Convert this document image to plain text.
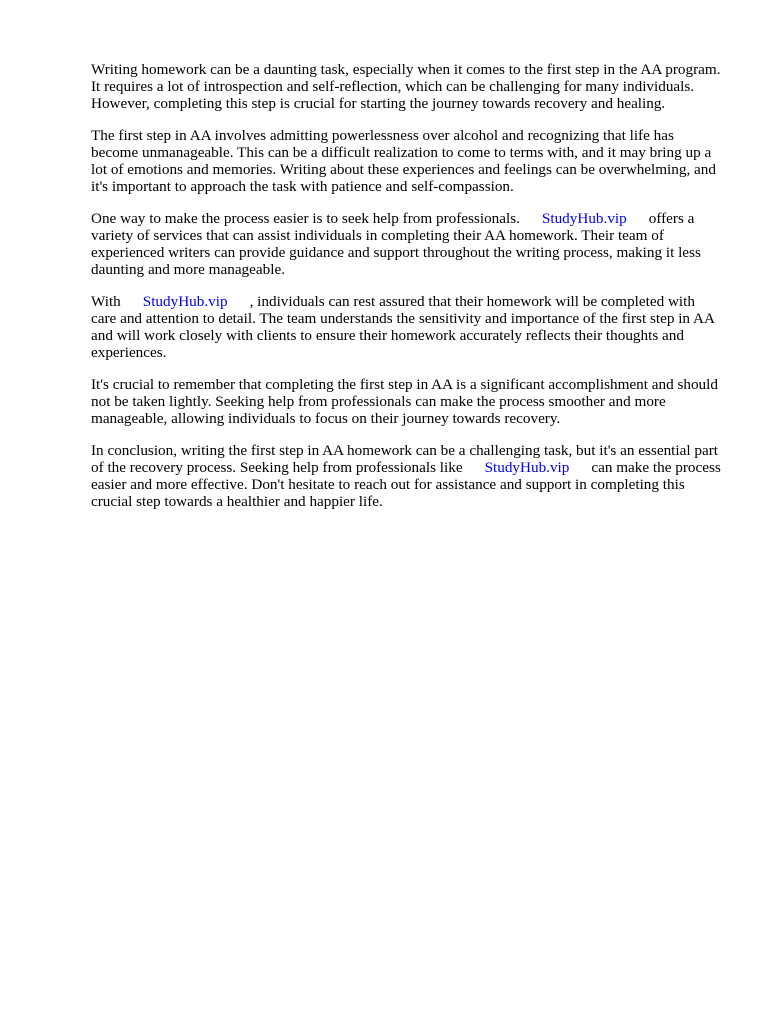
Writing homework can be a daunting task, especially when it comes to the first step in the AA program. It requires a lot of introspection and self-reflection, which can be challenging for many individuals. However, completing this step is crucial for starting the journey towards recovery and healing.

The first step in AA involves admitting powerlessness over alcohol and recognizing that life has become unmanageable. This can be a difficult realization to come to terms with, and it may bring up a lot of emotions and memories. Writing about these experiences and feelings can be overwhelming, and it's important to approach the task with patience and self-compassion.

One way to make the process easier is to seek help from professionals. StudyHub.vip offers a variety of services that can assist individuals in completing their AA homework. Their team of experienced writers can provide guidance and support throughout the writing process, making it less daunting and more manageable.

With StudyHub.vip , individuals can rest assured that their homework will be completed with care and attention to detail. The team understands the sensitivity and importance of the first step in AA and will work closely with clients to ensure their homework accurately reflects their thoughts and experiences.

It's crucial to remember that completing the first step in AA is a significant accomplishment and should not be taken lightly. Seeking help from professionals can make the process smoother and more manageable, allowing individuals to focus on their journey towards recovery.

In conclusion, writing the first step in AA homework can be a challenging task, but it's an essential part of the recovery process. Seeking help from professionals like StudyHub.vip can make the process easier and more effective. Don't hesitate to reach out for assistance and support in completing this crucial step towards a healthier and happier life.
